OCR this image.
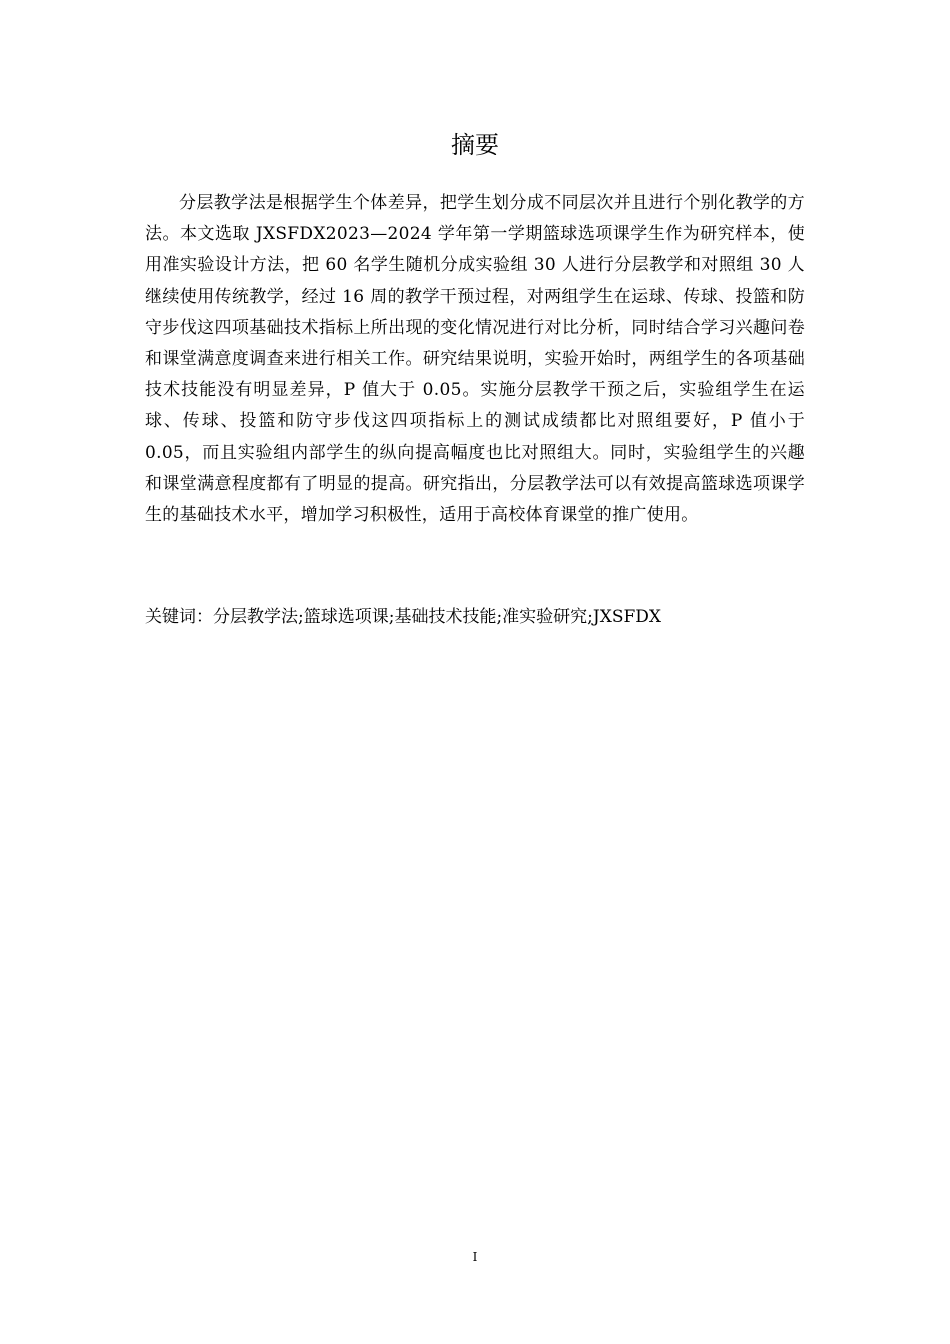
摘要

分层教学法是根据学生个体差异，把学生划分成不同层次并且进行个别化教学的方法。本文选取 JXSFDX2023—2024 学年第一学期篮球选项课学生作为研究样本，使用准实验设计方法，把 60 名学生随机分成实验组 30 人进行分层教学和对照组 30 人继续使用传统教学，经过 16 周的教学干预过程，对两组学生在运球、传球、投篮和防守步伐这四项基础技术指标上所出现的变化情况进行对比分析，同时结合学习兴趣问卷和课堂满意度调查来进行相关工作。研究结果说明，实验开始时，两组学生的各项基础技术技能没有明显差异，P 值大于 0.05。实施分层教学干预之后，实验组学生在运球、传球、投篮和防守步伐这四项指标上的测试成绩都比对照组要好，P 值小于 0.05，而且实验组内部学生的纵向提高幅度也比对照组大。同时，实验组学生的兴趣和课堂满意程度都有了明显的提高。研究指出，分层教学法可以有效提高篮球选项课学生的基础技术水平，增加学习积极性，适用于高校体育课堂的推广使用。

关键词：分层教学法;篮球选项课;基础技术技能;准实验研究;JXSFDX

I
